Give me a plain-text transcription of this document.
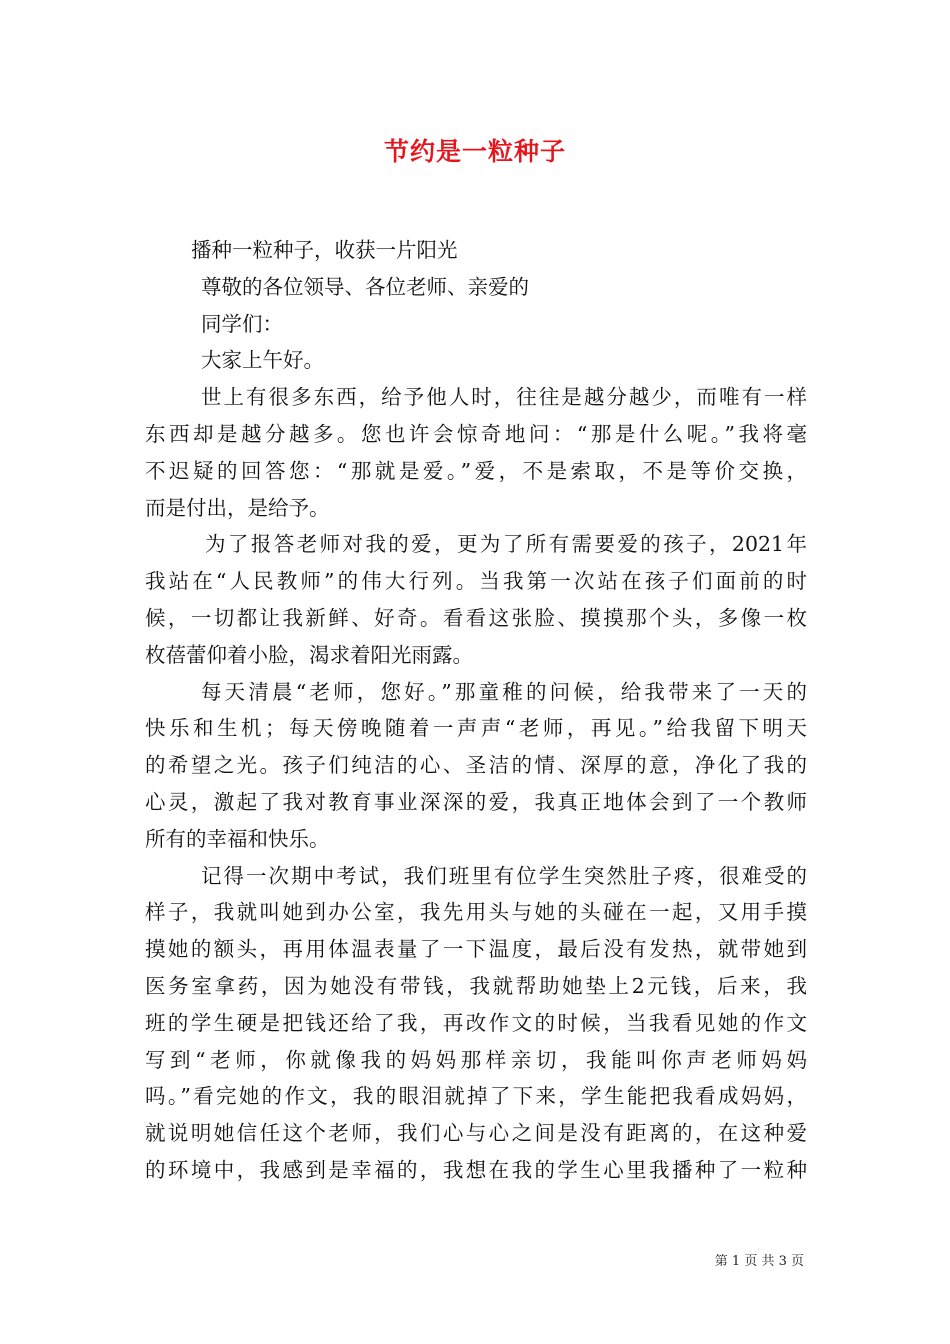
节约是一粒种子
播种一粒种子，收获一片阳光
尊敬的各位领导、各位老师、亲爱的
同学们：
大家上午好。
世上有很多东西，给予他人时，往往是越分越少，而唯有一样
东西却是越分越多。您也许会惊奇地问：“那是什么呢。”我将毫
不迟疑的回答您：“那就是爱。”爱，不是索取，不是等价交换，
而是付出，是给予。
为了报答老师对我的爱，更为了所有需要爱的孩子，2021年
我站在“人民教师”的伟大行列。当我第一次站在孩子们面前的时
候，一切都让我新鲜、好奇。看看这张脸、摸摸那个头，多像一枚
枚蓓蕾仰着小脸，渴求着阳光雨露。
每天清晨“老师，您好。”那童稚的问候，给我带来了一天的
快乐和生机；每天傍晚随着一声声“老师，再见。”给我留下明天
的希望之光。孩子们纯洁的心、圣洁的情、深厚的意，净化了我的
心灵，激起了我对教育事业深深的爱，我真正地体会到了一个教师
所有的幸福和快乐。
记得一次期中考试，我们班里有位学生突然肚子疼，很难受的
样子，我就叫她到办公室，我先用头与她的头碰在一起，又用手摸
摸她的额头，再用体温表量了一下温度，最后没有发热，就带她到
医务室拿药，因为她没有带钱，我就帮助她垫上2元钱，后来，我
班的学生硬是把钱还给了我，再改作文的时候，当我看见她的作文
写到“老师，你就像我的妈妈那样亲切，我能叫你声老师妈妈
吗。”看完她的作文，我的眼泪就掉了下来，学生能把我看成妈妈，
就说明她信任这个老师，我们心与心之间是没有距离的，在这种爱
的环境中，我感到是幸福的，我想在我的学生心里我播种了一粒种
第 1 页 共 3 页
